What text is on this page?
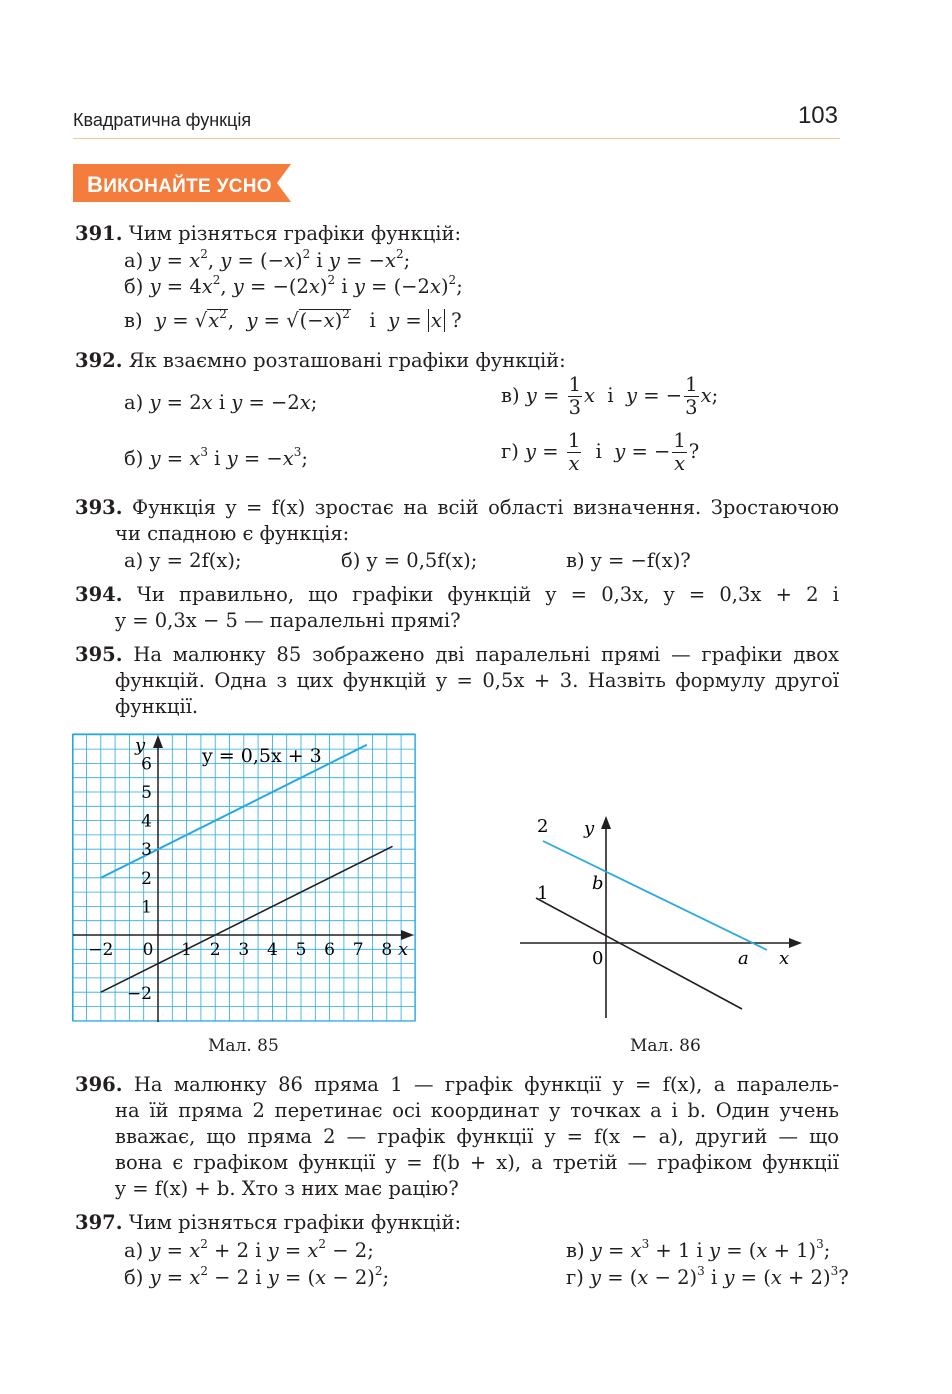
Квадратична функція	103
ВИКОНАЙТЕ УСНО
391. Чим різняться графіки функцій:
а) $y = x^2$, $y = (-x)^2$ і $y = -x^2$;
б) $y = 4x^2$, $y = -(2x)^2$ і $y = (-2x)^2$;
в) $y = √x^2$,  $y = √(-x)^2$   і  y = x ?
392. Як взаємно розташовані графіки функцій:
а) y = 2x і y = −2x;	в) $y = \frac{1}{3}$ x  і  y = − $\frac{1}{3} x$;
б) $y = x^3$ і $y = -x^3$;	г) $y = \frac{1}{x}$ і  y = − $\frac{1}{x}$ ?
393. Функція y = f(x) зростає на всій області визначення. Зростаючою
чи спадною є функція:
а) y = 2f(x);	б) y = 0,5f(x);	в) y = −f(x)?
394. Чи правильно, що графіки функцій y = 0,3x, y = 0,3x + 2 і
y = 0,3x − 5 — паралельні прямі?
395. На малюнку 85 зображено дві паралельні прямі — графіки двох
функцій. Одна з цих функцій y = 0,5x + 3. Назвіть формулу другої
функції.
−2 0 1 2 3 4 5 6 7 8
−2
1
2
3
4
5
6
x
y	y = 0,5x + 3
Мал. 85
2
1
y
b
0	a x
Мал. 86
396. На малюнку 86 пряма 1 — графік функції y = f(x), а паралель-
на їй пряма 2 перетинає осі координат у точках a і b. Один учень
вважає, що пряма 2 — графік функції y = f(x − a), другий — що
вона є графіком функції y = f(b + x), а третій — графіком функції
y = f(x) + b. Хто з них має рацію?
397. Чим різняться графіки функцій:
а) $y = x^2 + 2$ і $y = x^2 - 2$;	в) $y = x^3 + 1$ і $y = (x + 1)^3$;
б) $y = x^2 - 2$ і $y = (x - 2)^2$;	г) $y = (x - 2)^3$ і $y = (x + 2)^3$?
